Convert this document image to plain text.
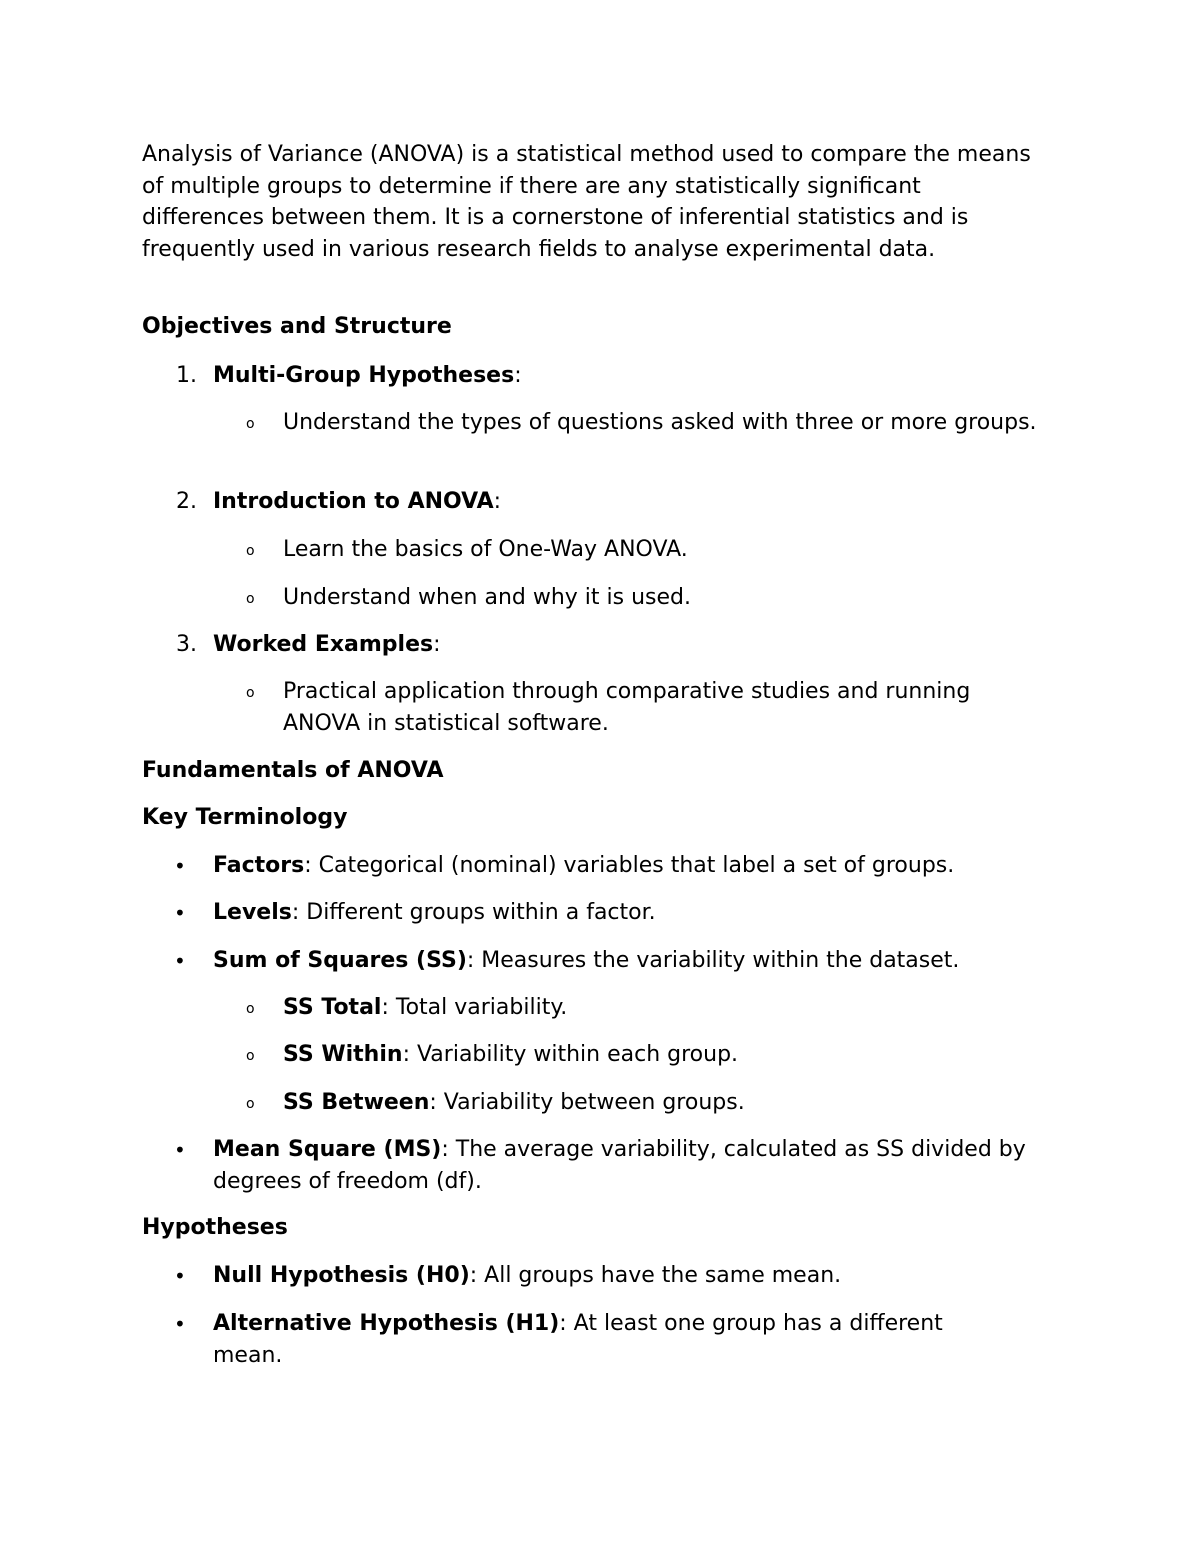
Analysis of Variance (ANOVA) is a statistical method used to compare the means of multiple groups to determine if there are any statistically significant differences between them. It is a cornerstone of inferential statistics and is frequently used in various research fields to analyse experimental data.

Objectives and Structure

1. Multi-Group Hypotheses:
o Understand the types of questions asked with three or more groups.
2. Introduction to ANOVA:
o Learn the basics of One-Way ANOVA.
o Understand when and why it is used.
3. Worked Examples:
o Practical application through comparative studies and running ANOVA in statistical software.

Fundamentals of ANOVA

Key Terminology

• Factors: Categorical (nominal) variables that label a set of groups.
• Levels: Different groups within a factor.
• Sum of Squares (SS): Measures the variability within the dataset.
o SS Total: Total variability.
o SS Within: Variability within each group.
o SS Between: Variability between groups.
• Mean Square (MS): The average variability, calculated as SS divided by degrees of freedom (df).

Hypotheses

• Null Hypothesis (H0): All groups have the same mean.
• Alternative Hypothesis (H1): At least one group has a different mean.
